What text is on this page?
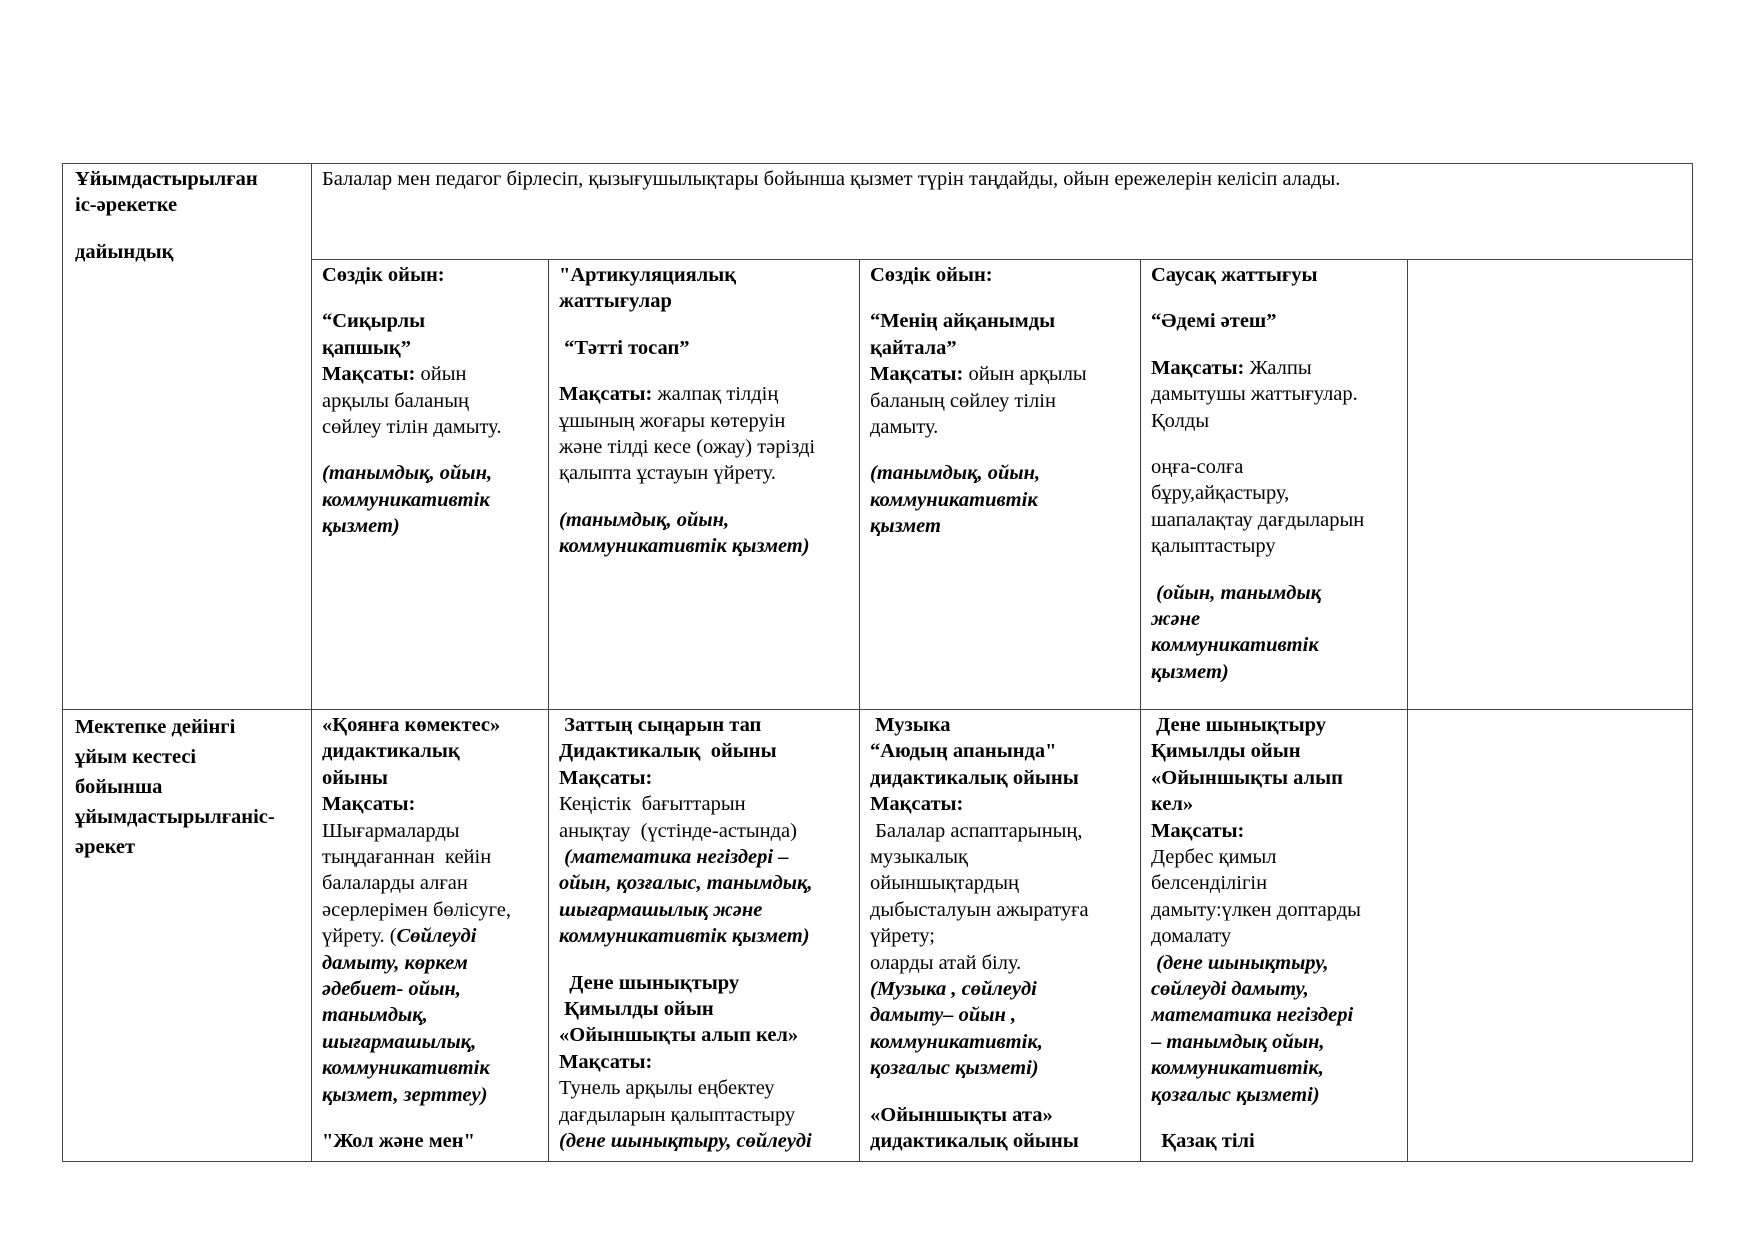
Ұйымдастырылған

іс-әрекетке

дайындық

Балалар мен педагог бірлесіп, қызығушылықтары бойынша қызмет түрін таңдайды, ойын ережелерін келісіп алады.

Сөздік ойын:

“Сиқырлы

қапшық”

Мақсаты: ойын

арқылы баланың

сөйлеу тілін дамыту.

(танымдық, ойын,

коммуникативтік

қызмет)

"Артикуляциялық

жаттығулар

“Тәтті тосап”

Мақсаты: жалпақ тілдің

ұшының жоғары көтеруін

және тілді кесе (ожау) тәрізді

қалыпта ұстауын үйрету.

(танымдық, ойын,

коммуникативтік қызмет)

Сөздік ойын:

“Менің айқанымды

қайтала”

Мақсаты: ойын арқылы

баланың сөйлеу тілін

дамыту.

(танымдық, ойын,

коммуникативтік

қызмет

Саусақ жаттығуы

“Әдемі әтеш”

Мақсаты: Жалпы

дамытушы жаттығулар.

Қолды

оңға-солға

бұру,айқастыру,

шапалақтау дағдыларын

қалыптастыру

(ойын, танымдық

және

коммуникативтік

қызмет)

Мектепке дейінгі

ұйым кестесі

бойынша

ұйымдастырылғаніс-

әрекет

«Қоянға көмектес»

дидактикалық

ойыны

Мақсаты:

Шығармаларды

тыңдағаннан  кейін

балаларды алған

әсерлерімен бөлісуге,

үйрету. (Сөйлеуді

дамыту, көркем

әдебиет- ойын,

танымдық,

шығармашылық,

коммуникативтік

қызмет, зерттеу)

"Жол және мен"

Заттың сыңарын тап

Дидактикалық  ойыны

Мақсаты:

Кеңістік  бағыттарын

анықтау  (үстінде-астында)

(математика негіздері –

ойын, қозғалыс, танымдық,

шығармашылық және

коммуникативтік қызмет)

Дене шынықтыру

Қимылды ойын

«Ойыншықты алып кел»

Мақсаты:

Тунель арқылы еңбектеу

дағдыларын қалыптастыру

(дене шынықтыру, сөйлеуді

Музыка

“Аюдың апанында"

дидактикалық ойыны

Мақсаты:

Балалар аспаптарының,

музыкалық

ойыншықтардың

дыбысталуын ажыратуға

үйрету;

оларды атай білу.

(Музыка , сөйлеуді

дамыту– ойын ,

коммуникативтік,

қозғалыс қызметі)

«Ойыншықты ата»

дидактикалық ойыны

Дене шынықтыру

Қимылды ойын

«Ойыншықты алып

кел»

Мақсаты:

Дербес қимыл

белсенділігін

дамыту:үлкен доптарды

домалату

(дене шынықтыру,

сөйлеуді дамыту,

математика негіздері

– танымдық ойын,

коммуникативтік,

қозғалыс қызметі)

Қазақ тілі
